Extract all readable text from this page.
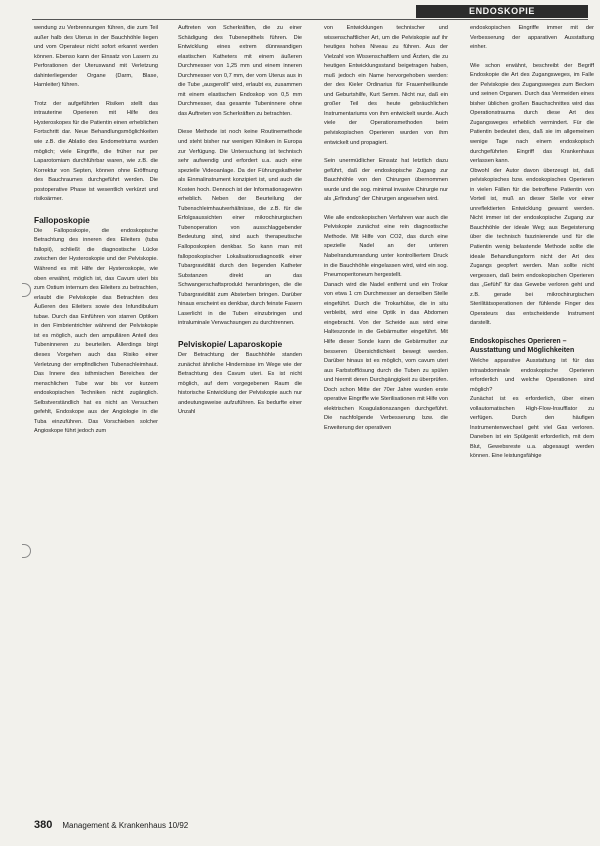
ENDOSKOPIE

wendung zu Verbrennungen führen, die zum Teil außer halb des Uterus in der Bauchhöhle liegen und vom Operateur nicht sofort erkannt werden können. Ebenso kann der Einsatz von Lasern zu Perforationen der Uteruswand mit Verletzung dahinterliegender Organe (Darm, Blase, Harnleiter) führen.

Trotz der aufgeführten Risiken stellt das intrauterine Operieren mit Hilfe des Hysteroskopes für die Patientin einen erheblichen Fortschritt dar. Neue Behandlungsmöglichkeiten wie z.B. die Ablatio des Endometriums wurden möglich; viele Eingriffe, die früher nur per Laparotomiam durchführbar waren, wie z.B. die Korrektur von Septen, können ohne Eröffnung des Bauchraumes durchgeführt werden. Die postoperative Phase ist wesentlich verkürzt und risikoärmer.

Falloposkopie

Die Falloposkopie, die endoskopische Betrachtung des inneren des Eileiters (tuba fallopii), schließt die diagnostische Lücke zwischen der Hysteroskopie und der Pelviskopie. Während es mit Hilfe der Hysteroskopie, wie oben erwähnt, möglich ist, das Cavum uteri bis zum Ostium internum des Eileiters zu betrachten, erlaubt die Pelviskopie das Betrachten des Äußeren des Eileiters sowie des Infundibulum tubae. Durch das Einführen von starren Optiken in den Fimbrientrichter während der Pelviskopie ist es möglich, auch den ampullären Anteil des Tubeninneren zu beurteilen. Allerdings birgt dieses Vorgehen auch das Risiko einer Verletzung der empfindlichen Tubenschleimhaut. Das Innere des isthmischen Bereiches der menschlichen Tube war bis vor kurzem endoskopischen Techniken nicht zugänglich. Selbstverständlich hat es nicht an Versuchen gefehlt, Endoskope aus der Angiologie in die Tuba einzuführen. Das Vorschieben solcher Angioskope führt jedoch zum

Auftreten von Scherkräften, die zu einer Schädigung des Tubenepithels führen. Die Entwicklung eines extrem dünnwandigen elastischen Katheters mit einem äußeren Durchmesser von 1,25 mm und einem inneren Durchmesser von 0,7 mm, der vom Uterus aus in die Tube „ausgerollt“ wird, erlaubt es, zusammen mit einem elastischen Endoskop von 0,5 mm Durchmesser, das gesamte Tubeninnere ohne das Auftreten von Scherkräften zu betrachten.

Diese Methode ist noch keine Routinemethode und steht bisher nur wenigen Kliniken in Europa zur Verfügung. Die Untersuchung ist technisch sehr aufwendig und erfordert u.a. auch eine spezielle Videoanlage. Da der Führungskatheter als Einmalinstrument konzipiert ist, und auch die Kosten hoch. Dennoch ist der Informationsgewinn erheblich. Neben der Beurteilung der Tubenschleimhautverhältnisse, die z.B. für die Erfolgsaussichten einer mikrochirurgischen Tubenoperation von ausschlaggebender Bedeutung sind, sind auch therapeutische Falloposkopien denkbar. So kann man mit falloposkopischer Lokalisationsdiagnostik einer Tubargravidität durch den liegenden Katheter Substanzen direkt an das Schwangerschaftsprodukt heranbringen, die die Tubargravidität zum Absterben bringen. Darüber hinaus erscheint es denkbar, durch feinste Fasern Laserlicht in die Tuben einzubringen und intraluminale Verwachsungen zu durchtrennen.

Pelviskopie/ Laparoskopie

Der Betrachtung der Bauchhöhle standen zunächst ähnliche Hindernisse im Wege wie der Betrachtung des Cavum uteri. Es ist nicht möglich, auf dem vorgegebenen Raum die historische Entwicklung der Pelviskopie auch nur andeutungsweise aufzuführen. Es bedurfte einer Unzahl

von Entwicklungen technischer und wissenschaftlicher Art, um die Pelviskopie auf ihr heutiges hohes Niveau zu führen. Aus der Vielzahl von Wissenschaftlern und Ärzten, die zu heutigen Entwicklungsstand beigetragen haben, muß jedoch ein Name hervorgehoben werden: der des Kieler Ordinarius für Frauenheilkunde und Geburtshilfe, Kurt Semm. Nicht nur, daß ein großer Teil des heute gebräuchlichen Instrumentariums von ihm entwickelt wurde. Auch viele der Operationsmethoden beim pelviskopischen Operieren wurden von ihm entwickelt und propagiert.

Sein unermüdlicher Einsatz hat letztlich dazu geführt, daß der endoskopische Zugang zur Bauchhöhle von den Chirurgen übernommen wurde und die sog. minimal invasive Chirurgie nur als „Erfindung“ der Chirurgen angesehen wird.

Wie alle endoskopischen Verfahren war auch die Pelviskopie zunächst eine rein diagnostische Methode. Mit Hilfe von CO2, das durch eine spezielle Nadel an der unteren Nabelrandumrandung unter kontrolliertem Druck in die Bauchhöhle eingelassen wird, wird ein sog. Pneumoperitoneum hergestellt.

Danach wird die Nadel entfernt und ein Trokar von etwa 1 cm Durchmesser an derselben Stelle eingeführt. Durch die Trokarhülse, die in situ verbleibt, wird eine Optik in das Abdomen eingebracht. Von der Scheide aus wird eine Halteszonde in die Gebärmutter eingeführt. Mit Hilfe dieser Sonde kann die Gebärmutter zur besseren Übersichtlichkeit bewegt werden. Darüber hinaus ist es möglich, vom cavum uteri aus Farbstofflösung durch die Tuben zu spülen und hiermit deren Durchgängigkeit zu überprüfen. Doch schon Mitte der 70er Jahre wurden erste operative Eingriffe wie Sterilisationen mit Hilfe von elektrischen Koagulationszangen durchgeführt. Die nachfolgende Verbesserung bzw. die Erweiterung der operativen

endoskopischen Eingriffe immer mit der Verbesserung der apparativen Ausstattung einher.

Wie schon erwähnt, beschreibt der Begriff Endoskopie die Art des Zugangsweges, im Falle der Pelviskopie des Zugangsweges zum Becken und seinen Organen. Durch das Vermeiden eines bisher üblichen großen Bauchschnittes wird das Operationstrauma durch diese Art des Zugangsweges erheblich vermindert. Für die Patientin bedeutet dies, daß sie im allgemeinen wenige Tage nach einem endoskopisch durchgeführten Eingriff das Krankenhaus verlassen kann.

Obwohl der Autor davon überzeugt ist, daß pelviskopisches bzw. endoskopisches Operieren in vielen Fällen für die betroffene Patientin von Vorteil ist, muß an dieser Stelle vor einer unreflektierten Entwicklung gewarnt werden. Nicht immer ist der endoskopische Zugang zur Bauchhöhle der ideale Weg; aus Begeisterung über die technisch faszinierende und für die Patientin wenig belastende Methode sollte die ideale Behandlungsform nicht der Art des Zugangs geopfert werden. Man sollte nicht vergessen, daß beim endoskopischen Operieren das „Gefühl“ für das Gewebe verloren geht und z.B. gerade bei mikrochirurgischen Sterilitätsoperationen der fühlende Finger des Operateurs das entscheidende Instrument darstellt.

Endoskopisches Operieren – Ausstattung und Möglichkeiten

Welche apparative Ausstattung ist für das intraabdominale endoskopische Operieren erforderlich und welche Operationen sind möglich?

Zunächst ist es erforderlich, über einen vollautomatischen High-Flow-Insufflator zu verfügen. Durch den häufigen Instrumentenwechsel geht viel Gas verloren. Daneben ist ein Spülgerät erforderlich, mit dem Blut, Gewebsreste u.a. abgesaugt werden können. Eine leistungsfähige

380 Management & Krankenhaus 10/92
